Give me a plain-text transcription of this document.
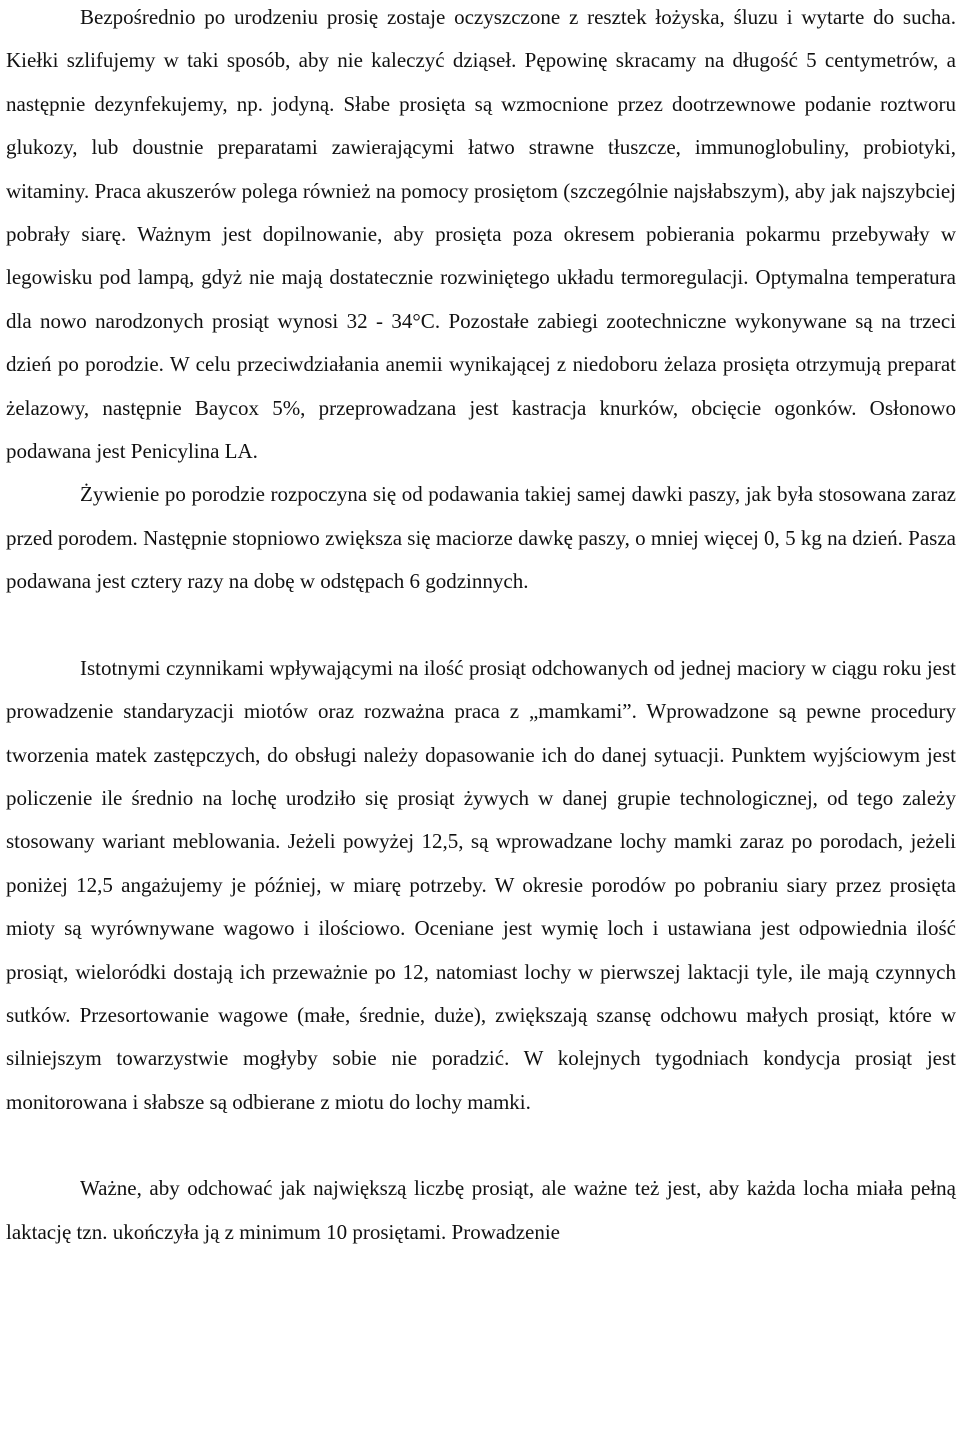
Bezpośrednio po urodzeniu prosię zostaje oczyszczone z resztek łożyska, śluzu i wytarte do sucha. Kiełki szlifujemy w taki sposób, aby nie kaleczyć dziąseł. Pępowinę skracamy na długość 5 centymetrów, a następnie dezynfekujemy, np. jodyną. Słabe prosięta są wzmocnione przez dootrzewnowe podanie roztworu glukozy, lub doustnie preparatami zawierającymi łatwo strawne tłuszcze, immunoglobuliny, probiotyki, witaminy. Praca akuszerów polega również na pomocy prosiętom (szczególnie najsłabszym), aby jak najszybciej pobrały siarę. Ważnym jest dopilnowanie, aby prosięta poza okresem pobierania pokarmu przebywały w legowisku pod lampą, gdyż nie mają dostatecznie rozwiniętego układu termoregulacji. Optymalna temperatura dla nowo narodzonych prosiąt wynosi 32 - 34°C. Pozostałe zabiegi zootechniczne wykonywane są na trzeci dzień po porodzie. W celu przeciwdziałania anemii wynikającej z niedoboru żelaza prosięta otrzymują preparat żelazowy, następnie Baycox 5%, przeprowadzana jest kastracja knurków, obcięcie ogonków. Osłonowo podawana jest Penicylina LA.

Żywienie po porodzie rozpoczyna się od podawania takiej samej dawki paszy, jak była stosowana zaraz przed porodem. Następnie stopniowo zwiększa się maciorze dawkę paszy, o mniej więcej 0, 5 kg na dzień. Pasza podawana jest cztery razy na dobę w odstępach 6 godzinnych.

Istotnymi czynnikami wpływającymi na ilość prosiąt odchowanych od jednej maciory w ciągu roku jest prowadzenie standaryzacji miotów oraz rozważna praca z „mamkami”. Wprowadzone są pewne procedury tworzenia matek zastępczych, do obsługi należy dopasowanie ich do danej sytuacji. Punktem wyjściowym jest policzenie ile średnio na lochę urodziło się prosiąt żywych w danej grupie technologicznej, od tego zależy stosowany wariant meblowania. Jeżeli powyżej 12,5, są wprowadzane lochy mamki zaraz po porodach, jeżeli poniżej 12,5 angażujemy je później, w miarę potrzeby. W okresie porodów po pobraniu siary przez prosięta mioty są wyrównywane wagowo i ilościowo. Oceniane jest wymię loch i ustawiana jest odpowiednia ilość prosiąt, wieloródki dostają ich przeważnie po 12, natomiast lochy w pierwszej laktacji tyle, ile mają czynnych sutków. Przesortowanie wagowe (małe, średnie, duże), zwiększają szansę odchowu małych prosiąt, które w silniejszym towarzystwie mogłyby sobie nie poradzić. W kolejnych tygodniach kondycja prosiąt jest monitorowana i słabsze są odbierane z miotu do lochy mamki.

Ważne, aby odchować jak największą liczbę prosiąt, ale ważne też jest, aby każda locha miała pełną laktację tzn. ukończyła ją z minimum 10 prosiętami. Prowadzenie
